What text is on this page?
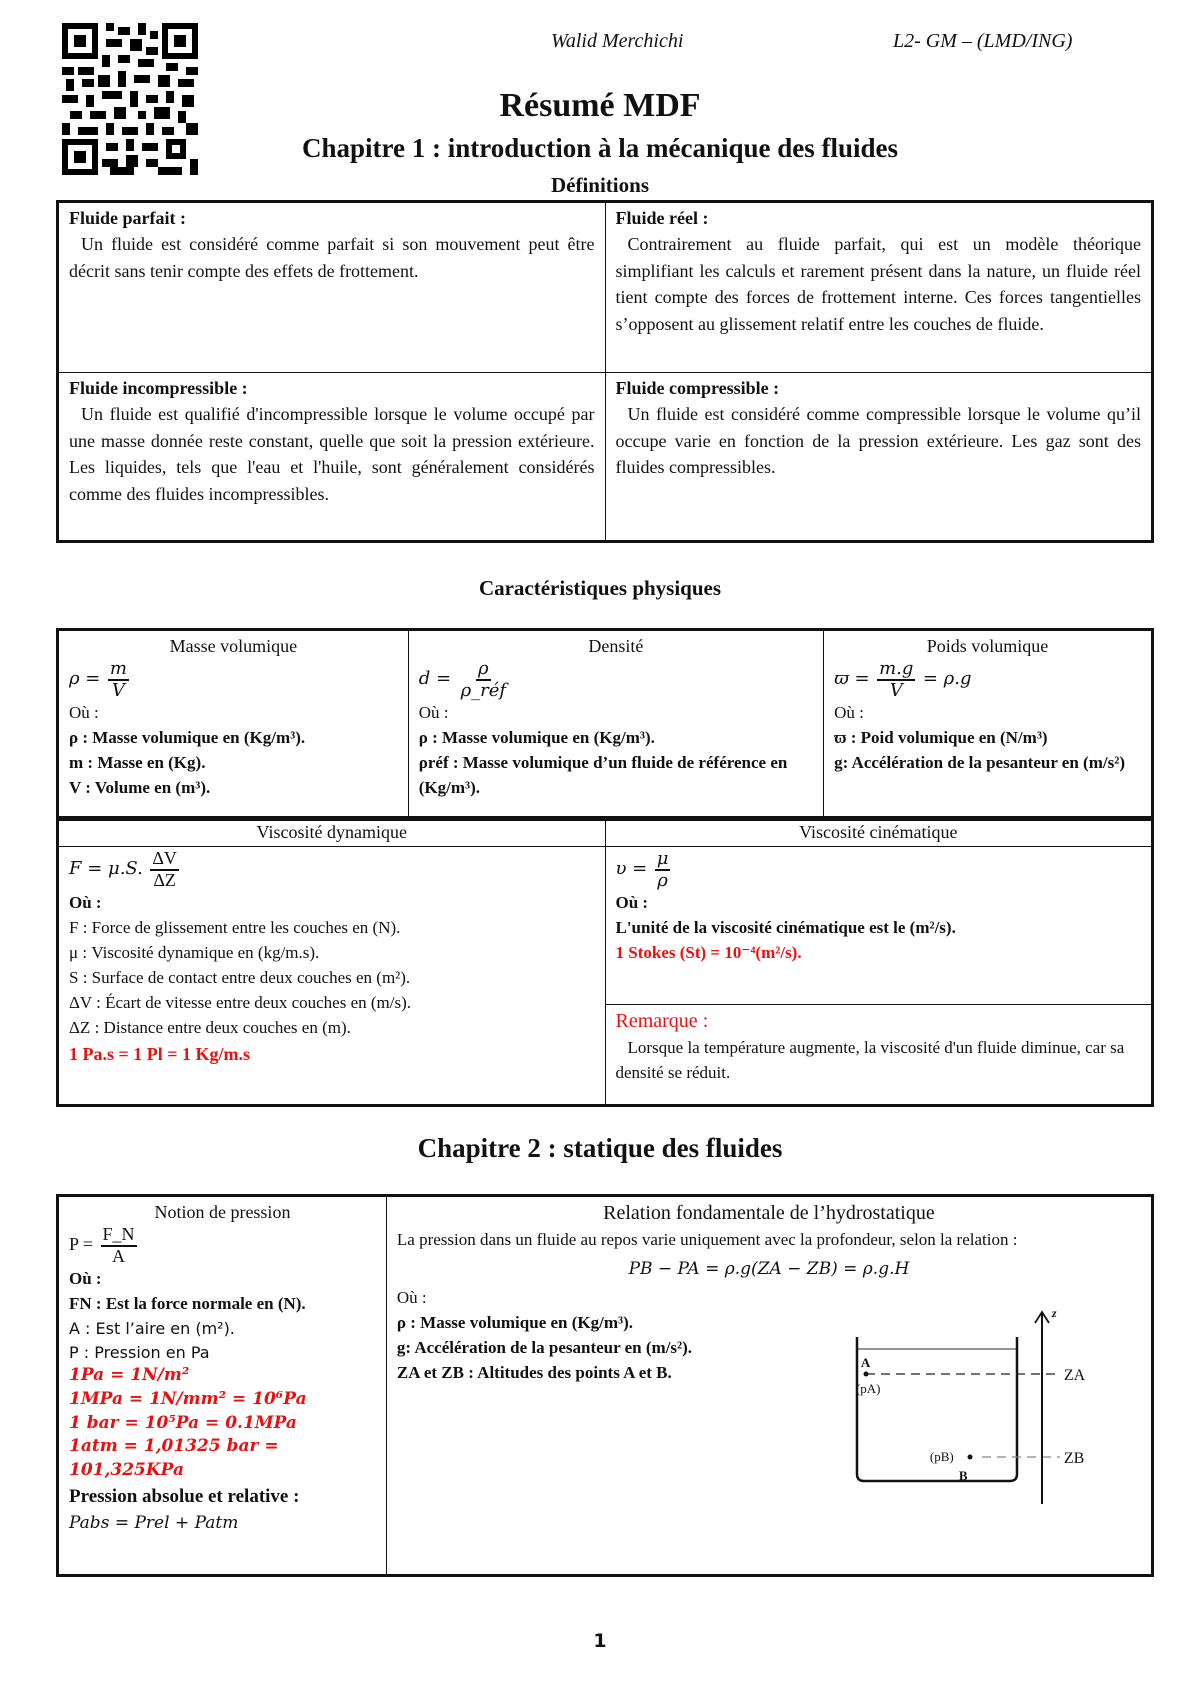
Walid Merchichi	L2- GM – (LMD/ING)
Résumé MDF
Chapitre 1 : introduction à la mécanique des fluides
Définitions
Fluide parfait :
Un fluide est considéré comme parfait si son mouvement peut être décrit sans tenir compte des effets de frottement.

Fluide réel :
Contrairement au fluide parfait, qui est un modèle théorique simplifiant les calculs et rarement présent dans la nature, un fluide réel tient compte des forces de frottement interne. Ces forces tangentielles s’opposent au glissement relatif entre les couches de fluide.

Fluide incompressible :
Un fluide est qualifié d'incompressible lorsque le volume occupé par une masse donnée reste constant, quelle que soit la pression extérieure. Les liquides, tels que l'eau et l'huile, sont généralement considérés comme des fluides incompressibles.

Fluide compressible :
Un fluide est considéré comme compressible lorsque le volume qu’il occupe varie en fonction de la pression extérieure. Les gaz sont des fluides compressibles.
Caractéristiques physiques
Masse volumique
$\rho = \frac{m}{V}$
Où :
ρ : Masse volumique en (Kg/m³).
m : Masse en (Kg).
V : Volume en (m³).

Densité
$d = \frac{\rho}{\text{ρ\_réf}}$
Où :
ρ : Masse volumique en (Kg/m³).
ρréf : Masse volumique d’un fluide de référence en (Kg/m³).

Poids volumique
$ϖ = \frac{m.g}{V} = \rho.g$
Où :
ϖ : Poid volumique en (N/m³)
g: Accélération de la pesanteur en (m/s²)
Viscosité dynamique	Viscosité cinématique

F = μ.S. $\frac{\Delta V}{\Delta Z}$
Où :
F : Force de glissement entre les couches en (N).
μ : Viscosité dynamique en (kg/m.s).
S : Surface de contact entre deux couches en (m²).
ΔV : Écart de vitesse entre deux couches en (m/s).
ΔZ : Distance entre deux couches en (m).
1 Pa.s = 1 Pl = 1 Kg/m.s

$\upsilon = \frac{\mu}{\rho}$
Où :
L'unité de la viscosité cinématique est le (m²/s).
1 Stokes (St) = 10⁻⁴(m²/s).

	Remarque :
Lorsque la température augmente, la viscosité d'un fluide diminue, car sa densité se réduit.
Chapitre 2 : statique des fluides
Notion de pression
$P = \frac{F\_N}{A}$
Où :
FN : Est la force normale en (N).
A : Est l’aire en (m²).
P : Pression en Pa
1Pa = 1N/m²
1MPa = 1N/mm² = 10⁶Pa
1 bar = 10⁵Pa = 0.1MPa
1atm = 1,01325 bar = 101,325KPa
Pression absolue et relative :
Pabs = Prel + Patm

Relation fondamentale de l’hydrostatique
La pression dans un fluide au repos varie uniquement avec la profondeur, selon la relation :
PB − PA = ρ.g(ZA − ZB) = ρ.g.H
Où :
ρ : Masse volumique en (Kg/m³).
g: Accélération de la pesanteur en (m/s²).
ZA et ZB : Altitudes des points A et B.
z
A
(pA)
(pB)
B
ZA
ZB
1
